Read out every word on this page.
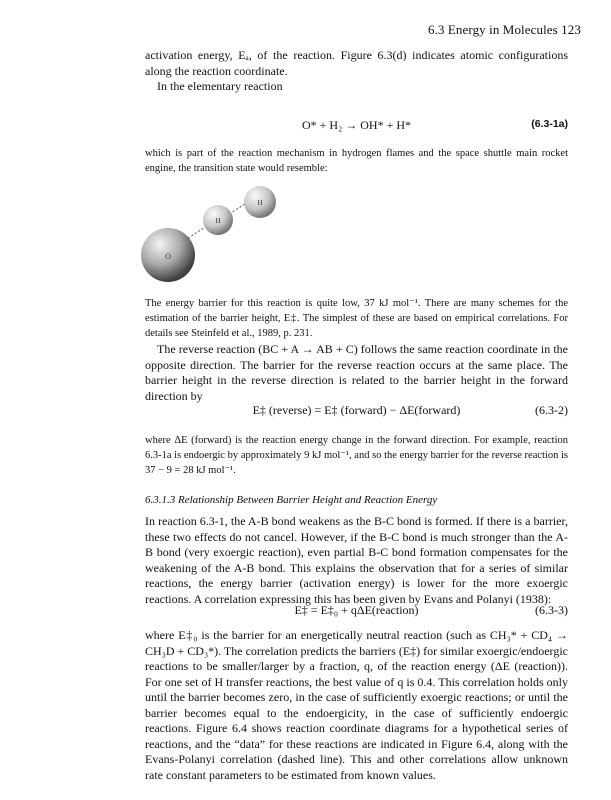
6.3 Energy in Molecules 123
activation energy, Eₐ, of the reaction. Figure 6.3(d) indicates atomic configurations along the reaction coordinate.
In the elementary reaction
O* + H₂ → OH* + H*	(6.3-1a)
which is part of the reaction mechanism in hydrogen flames and the space shuttle main rocket engine, the transition state would resemble:
O
H
H
The energy barrier for this reaction is quite low, 37 kJ mol⁻¹. There are many schemes for the estimation of the barrier height, E‡. The simplest of these are based on empirical correlations. For details see Steinfeld et al., 1989, p. 231.
The reverse reaction (BC + A → AB + C) follows the same reaction coordinate in the opposite direction. The barrier for the reverse reaction occurs at the same place. The barrier height in the reverse direction is related to the barrier height in the forward direction by
E‡ (reverse) = E‡ (forward) − ΔE(forward)	(6.3-2)
where ΔE (forward) is the reaction energy change in the forward direction. For example, reaction 6.3-1a is endoergic by approximately 9 kJ mol⁻¹, and so the energy barrier for the reverse reaction is 37 − 9 = 28 kJ mol⁻¹.
6.3.1.3 Relationship Between Barrier Height and Reaction Energy
In reaction 6.3-1, the A-B bond weakens as the B-C bond is formed. If there is a barrier, these two effects do not cancel. However, if the B-C bond is much stronger than the A-B bond (very exoergic reaction), even partial B-C bond formation compensates for the weakening of the A-B bond. This explains the observation that for a series of similar reactions, the energy barrier (activation energy) is lower for the more exoergic reactions. A correlation expressing this has been given by Evans and Polanyi (1938):
E‡ = E‡₀ + qΔE(reaction)	(6.3-3)
where E‡₀ is the barrier for an energetically neutral reaction (such as CH₃* + CD₄ → CH₃D + CD₃*). The correlation predicts the barriers (E‡) for similar exoergic/endoergic reactions to be smaller/larger by a fraction, q, of the reaction energy (ΔE (reaction)). For one set of H transfer reactions, the best value of q is 0.4. This correlation holds only until the barrier becomes zero, in the case of sufficiently exoergic reactions; or until the barrier becomes equal to the endoergicity, in the case of sufficiently endoergic reactions. Figure 6.4 shows reaction coordinate diagrams for a hypothetical series of reactions, and the “data” for these reactions are indicated in Figure 6.4, along with the Evans-Polanyi correlation (dashed line). This and other correlations allow unknown rate constant parameters to be estimated from known values.
